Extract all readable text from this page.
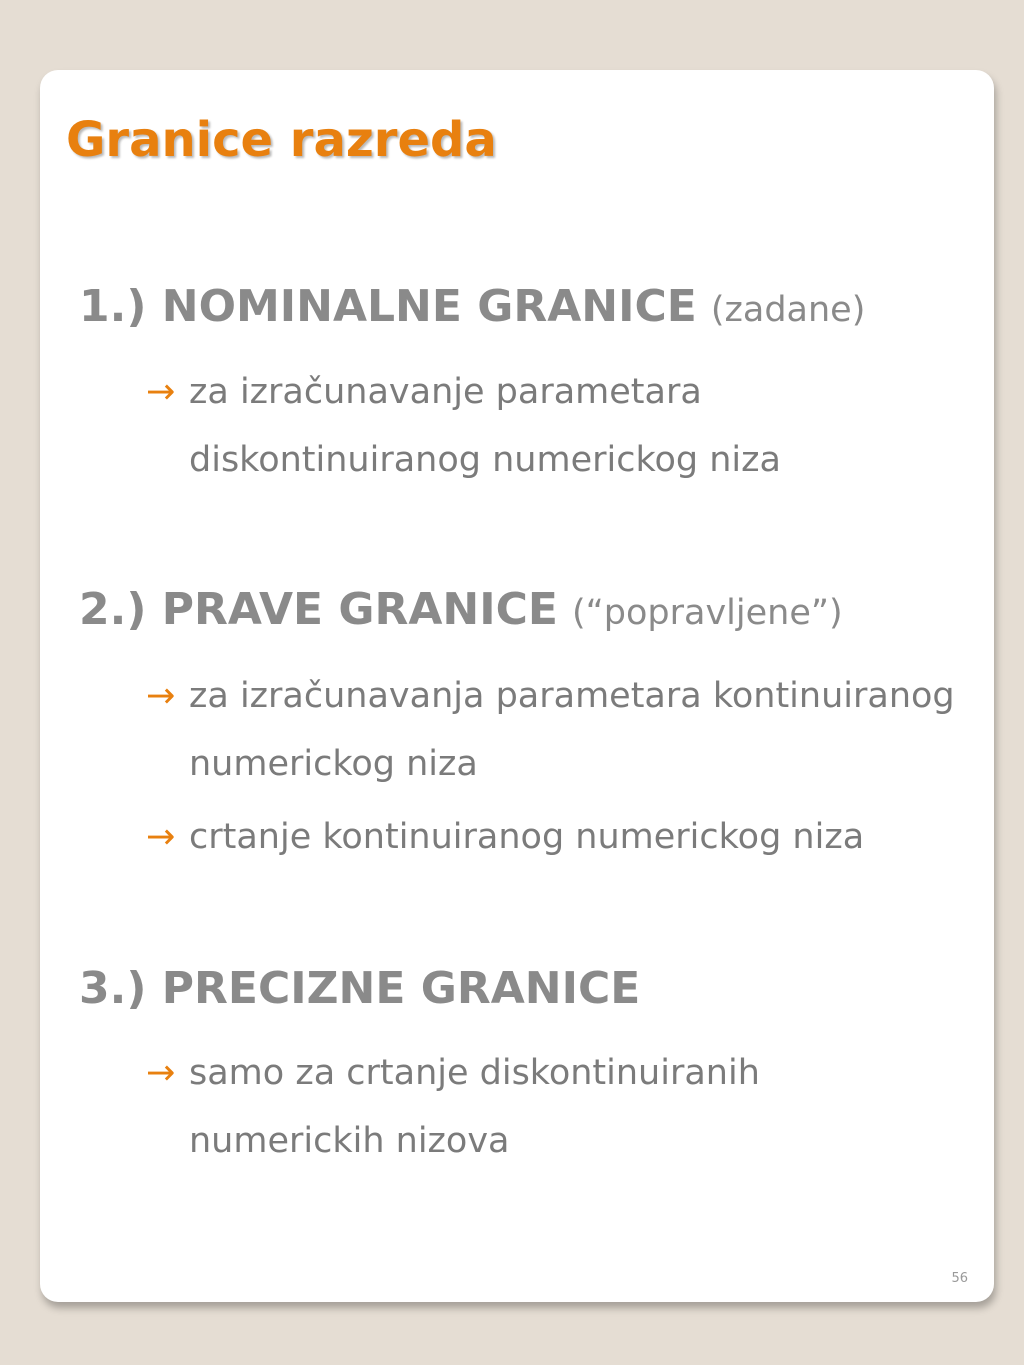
Granice razreda
1.) NOMINALNE GRANICE (zadane)
→ za izračunavanje parametara diskontinuiranog numerickog niza
2.) PRAVE GRANICE (“popravljene”)
→ za izračunavanja parametara kontinuiranog numerickog niza
→ crtanje kontinuiranog numerickog niza
3.) PRECIZNE GRANICE
→ samo za crtanje diskontinuiranih numerickih nizova
56
